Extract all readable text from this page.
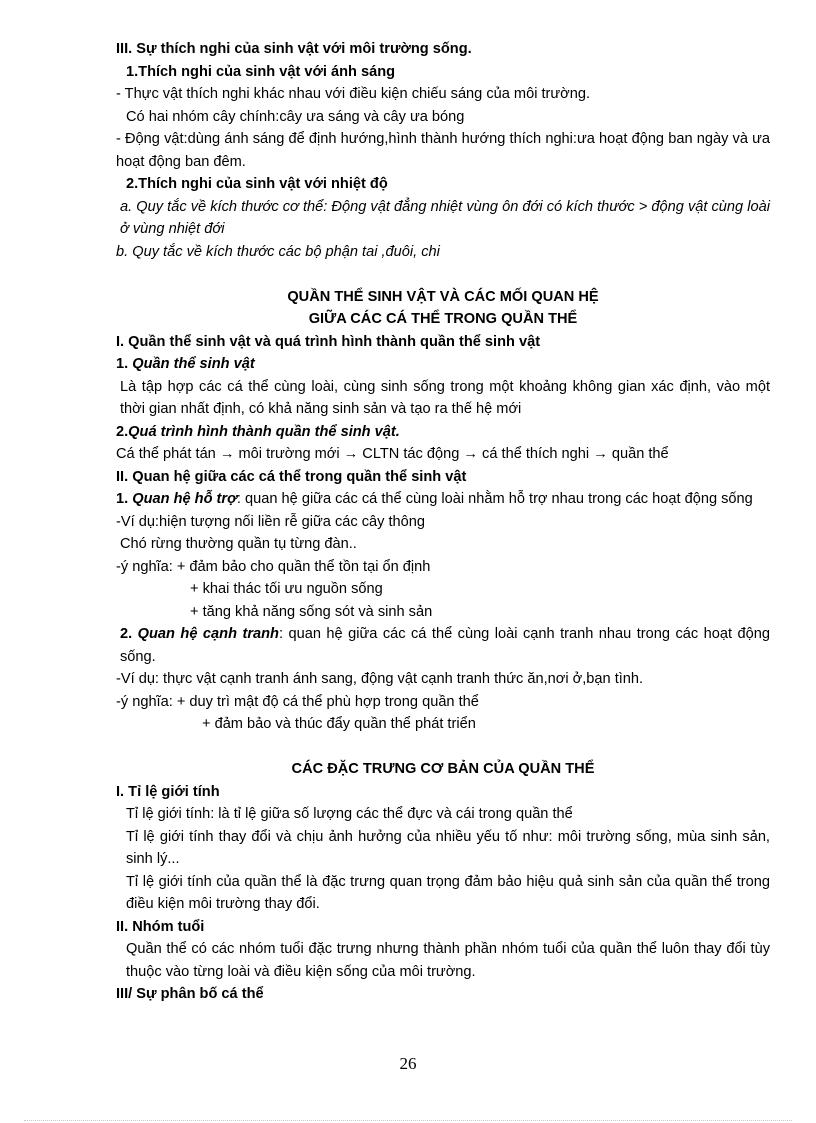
III. Sự thích nghi của sinh vật với môi trường sống.
1.Thích nghi của sinh vật với ánh sáng
- Thực vật thích nghi khác nhau với điều kiện chiếu sáng của môi trường.
Có hai nhóm cây chính:cây ưa sáng và cây ưa bóng
- Động vật:dùng ánh sáng để định hướng,hình thành hướng thích nghi:ưa hoạt động ban ngày và ưa hoạt động ban đêm.
2.Thích nghi của sinh vật với nhiệt độ
a. Quy tắc về kích thước cơ thể: Động vật đẳng nhiệt vùng ôn đới có kích thước > động vật cùng loài ở vùng nhiệt đới
b. Quy tắc về kích thước các bộ phận tai ,đuôi, chi
QUẦN THỂ SINH VẬT VÀ CÁC MỐI QUAN HỆ
GIỮA CÁC CÁ THỂ TRONG QUẦN THỂ
I. Quần thể sinh vật và quá trình hình thành quần thể sinh vật
1. Quần thể sinh vật
Là tập hợp các cá thể cùng loài, cùng sinh sống trong một khoảng không gian xác định, vào một thời gian nhất định, có khả năng sinh sản và tạo ra thế hệ mới
2.Quá trình hình thành quần thể sinh vật.
Cá thể phát tán → môi trường mới → CLTN tác động → cá thể thích nghi → quần thể
II. Quan hệ giữa các cá thể trong quần thể sinh vật
1. Quan hệ hỗ trợ: quan hệ giữa các cá thể cùng loài nhằm hỗ trợ nhau trong các hoạt động sống
-Ví dụ:hiện tượng nối liền rễ giữa các cây thông
Chó rừng thường quần tụ từng đàn..
-ý nghĩa: + đảm bảo cho quần thể tồn tại ổn định
+ khai thác tối ưu nguồn sống
+ tăng khả năng sống sót và sinh sản
2. Quan hệ cạnh tranh: quan hệ giữa các cá thể cùng loài cạnh tranh nhau trong các hoạt động sống.
-Ví dụ: thực vật cạnh tranh ánh sang, động vật cạnh tranh thức ăn,nơi ở,bạn tình.
-ý nghĩa: + duy trì mật độ cá thể phù hợp trong quần thể
+ đảm bảo và thúc đẩy quần thể phát triển
CÁC ĐẶC TRƯNG CƠ BẢN CỦA QUẦN THỂ
I. Tỉ lệ giới tính
Tỉ lệ giới tính: là tỉ lệ giữa số lượng các thể đực và cái trong quần thể
Tỉ lệ giới tính thay đổi và chịu ảnh hưởng của nhiều yếu tố như: môi trường sống, mùa sinh sản, sinh lý...
Tỉ lệ giới tính của quần thể là đặc trưng quan trọng đảm bảo hiệu quả sinh sản của quần thể trong điều kiện môi trường thay đổi.
II. Nhóm tuổi
Quần thể có các nhóm tuổi đặc trưng nhưng thành phần nhóm tuổi của quần thể luôn thay đổi tùy thuộc vào từng loài và điều kiện sống của môi trường.
III/ Sự phân bố cá thể
26
